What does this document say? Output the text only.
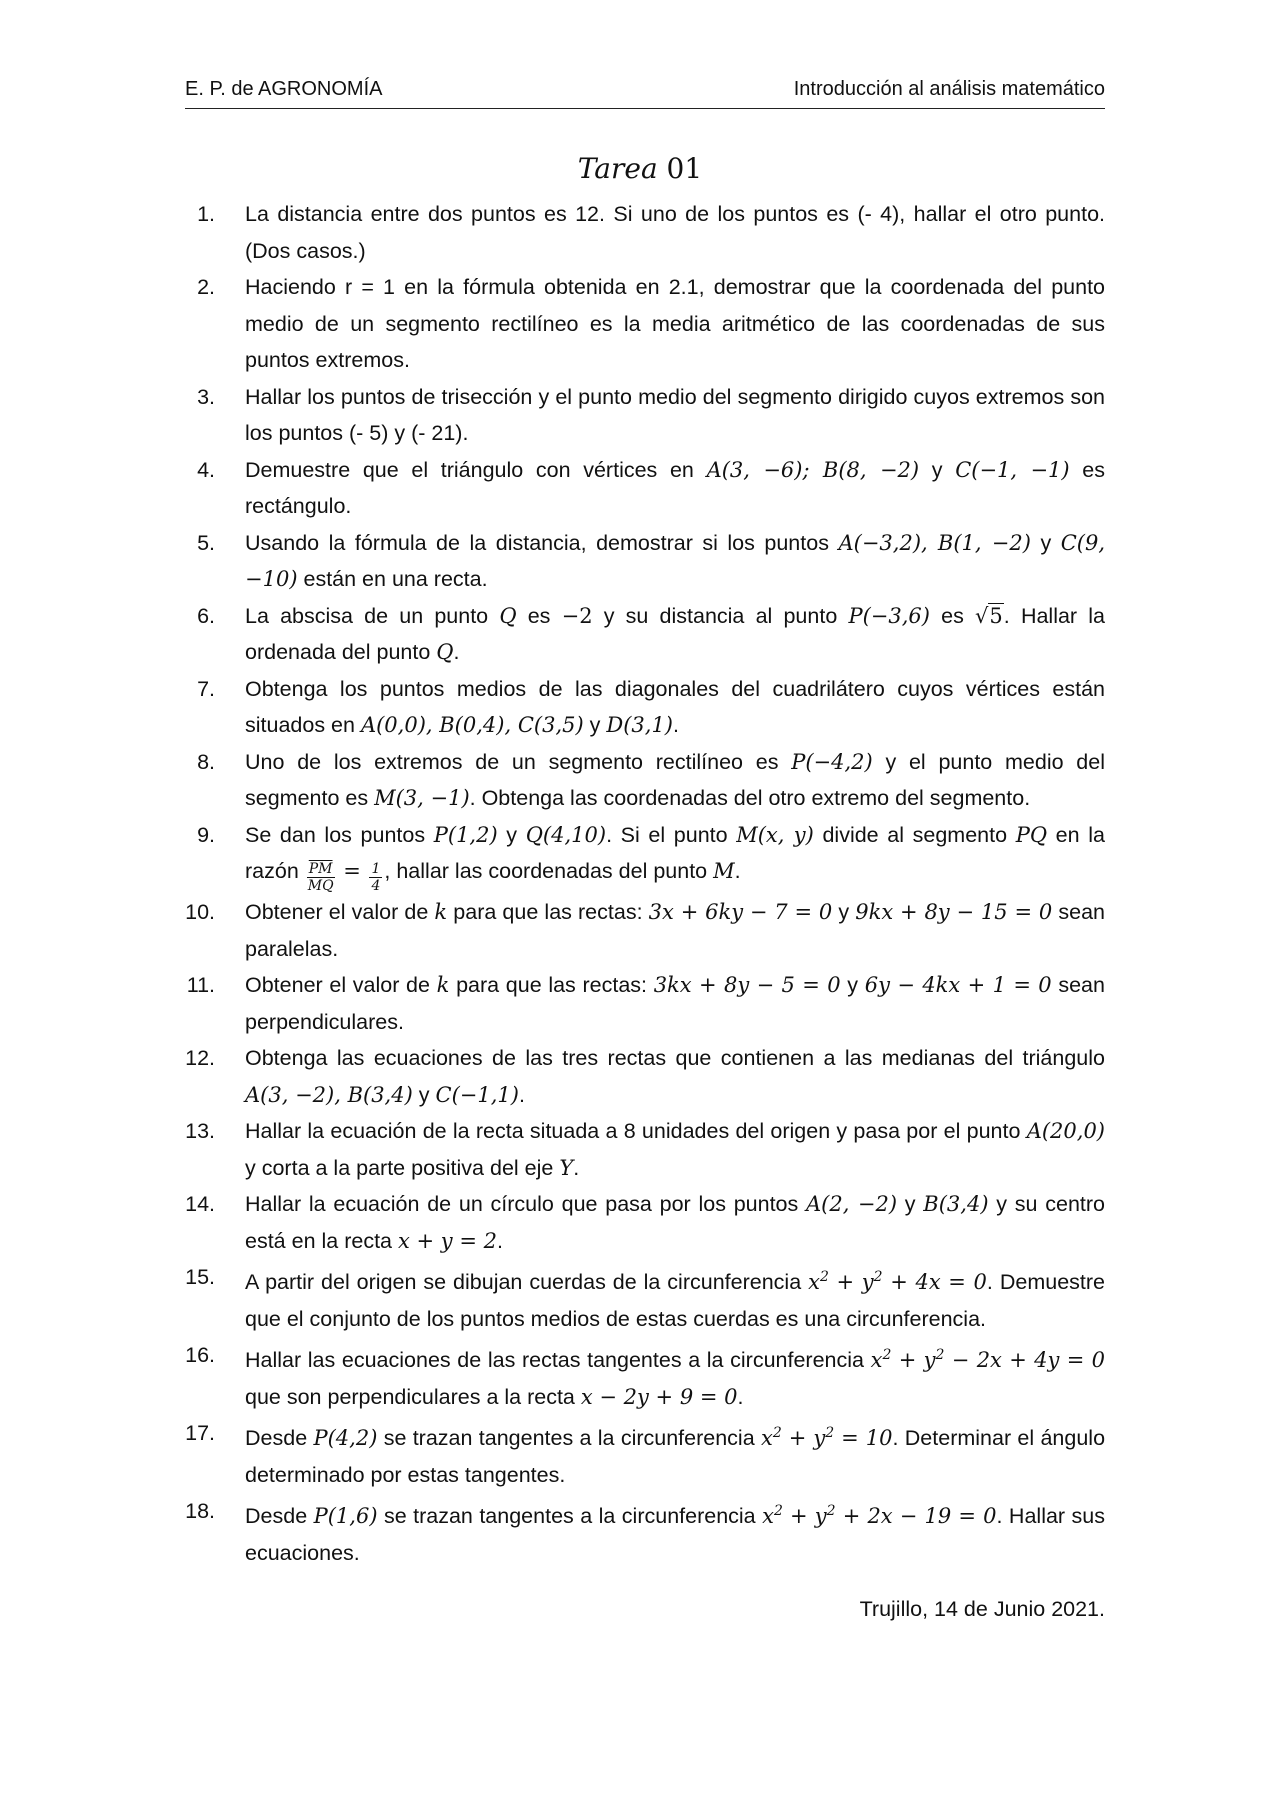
E. P. de AGRONOMÍA	Introducción al análisis matemático
Tarea 01
1. La distancia entre dos puntos es 12. Si uno de los puntos es (- 4), hallar el otro punto. (Dos casos.)
2. Haciendo r = 1 en la fórmula obtenida en 2.1, demostrar que la coordenada del punto medio de un segmento rectilíneo es la media aritmético de las coordenadas de sus puntos extremos.
3. Hallar los puntos de trisección y el punto medio del segmento dirigido cuyos extremos son los puntos (- 5) y (- 21).
4. Demuestre que el triángulo con vértices en A(3, −6); B(8, −2) y C(−1, −1) es rectángulo.
5. Usando la fórmula de la distancia, demostrar si los puntos A(−3,2), B(1, −2) y C(9, −10) están en una recta.
6. La abscisa de un punto Q es −2 y su distancia al punto P(−3,6) es √5. Hallar la ordenada del punto Q.
7. Obtenga los puntos medios de las diagonales del cuadrilátero cuyos vértices están situados en A(0,0), B(0,4), C(3,5) y D(3,1).
8. Uno de los extremos de un segmento rectilíneo es P(−4,2) y el punto medio del segmento es M(3, −1). Obtenga las coordenadas del otro extremo del segmento.
9. Se dan los puntos P(1,2) y Q(4,10). Si el punto M(x, y) divide al segmento PQ en la razón $\frac{\overline{PM}}{MQ} = \frac{1}{4}$ , hallar las coordenadas del punto M.
10. Obtener el valor de k para que las rectas: 3x + 6ky − 7 = 0 y 9kx + 8y − 15 = 0 sean paralelas.
11. Obtener el valor de k para que las rectas: 3kx + 8y − 5 = 0 y 6y − 4kx + 1 = 0 sean perpendiculares.
12. Obtenga las ecuaciones de las tres rectas que contienen a las medianas del triángulo A(3, −2), B(3,4) y C(−1,1).
13. Hallar la ecuación de la recta situada a 8 unidades del origen y pasa por el punto A(20,0) y corta a la parte positiva del eje Y.
14. Hallar la ecuación de un círculo que pasa por los puntos A(2, −2) y B(3,4) y su centro está en la recta x + y = 2.
15. A partir del origen se dibujan cuerdas de la circunferencia $x^2 + y^2 + 4x = 0$. Demuestre que el conjunto de los puntos medios de estas cuerdas es una circunferencia.
16. Hallar las ecuaciones de las rectas tangentes a la circunferencia $x^2 + y^2 - 2x + 4y = 0$ que son perpendiculares a la recta x − 2y + 9 = 0.
17. Desde P(4,2) se trazan tangentes a la circunferencia $x^2 + y^2 = 10$. Determinar el ángulo determinado por estas tangentes.
18. Desde P(1,6) se trazan tangentes a la circunferencia $x^2 + y^2 + 2x - 19 = 0$. Hallar sus ecuaciones.
Trujillo, 14 de Junio 2021.
